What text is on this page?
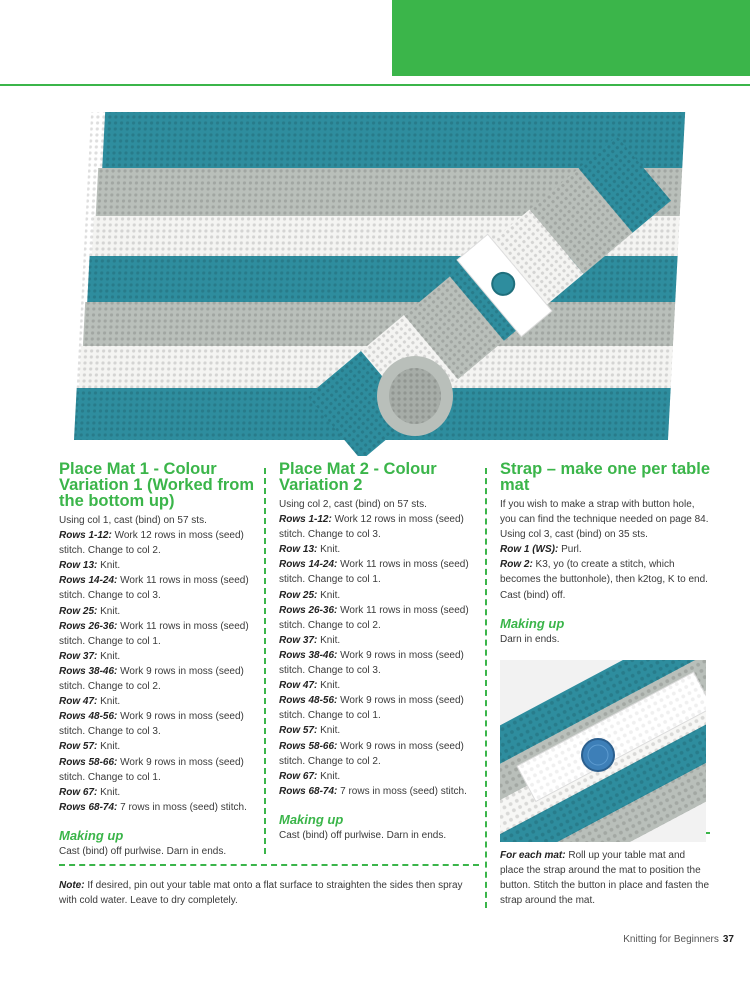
Place Mat 1 - Colour Variation 1 (Worked from the bottom up)
Using col 1, cast (bind) on 57 sts.
Rows 1-12: Work 12 rows in moss (seed) stitch. Change to col 2.
Row 13: Knit.
Rows 14-24: Work 11 rows in moss (seed) stitch. Change to col 3.
Row 25: Knit.
Rows 26-36: Work 11 rows in moss (seed) stitch. Change to col 1.
Row 37: Knit.
Rows 38-46: Work 9 rows in moss (seed) stitch. Change to col 2.
Row 47: Knit.
Rows 48-56: Work 9 rows in moss (seed) stitch. Change to col 3.
Row 57: Knit.
Rows 58-66: Work 9 rows in moss (seed) stitch. Change to col 1.
Row 67: Knit.
Rows 68-74: 7 rows in moss (seed) stitch.
Making up
Cast (bind) off purlwise. Darn in ends.
Place Mat 2 - Colour Variation 2
Using col 2, cast (bind) on 57 sts.
Rows 1-12: Work 12 rows in moss (seed) stitch. Change to col 3.
Row 13: Knit.
Rows 14-24: Work 11 rows in moss (seed) stitch. Change to col 1.
Row 25: Knit.
Rows 26-36: Work 11 rows in moss (seed) stitch. Change to col 2.
Row 37: Knit.
Rows 38-46: Work 9 rows in moss (seed) stitch. Change to col 3.
Row 47: Knit.
Rows 48-56: Work 9 rows in moss (seed) stitch. Change to col 1.
Row 57: Knit.
Rows 58-66: Work 9 rows in moss (seed) stitch. Change to col 2.
Row 67: Knit.
Rows 68-74: 7 rows in moss (seed) stitch.
Making up
Cast (bind) off purlwise. Darn in ends.
Strap – make one per table mat
If you wish to make a strap with button hole, you can find the technique needed on page 84. Using col 3, cast (bind) on 35 sts.
Row 1 (WS): Purl.
Row 2: K3, yo (to create a stitch, which becomes the buttonhole), then k2tog, K to end.
Cast (bind) off.
Making up
Darn in ends.
For each mat: Roll up your table mat and place the strap around the mat to position the button. Stitch the button in place and fasten the strap around the mat.
Note: If desired, pin out your table mat onto a flat surface to straighten the sides then spray with cold water. Leave to dry completely.
Knitting for Beginners 37
